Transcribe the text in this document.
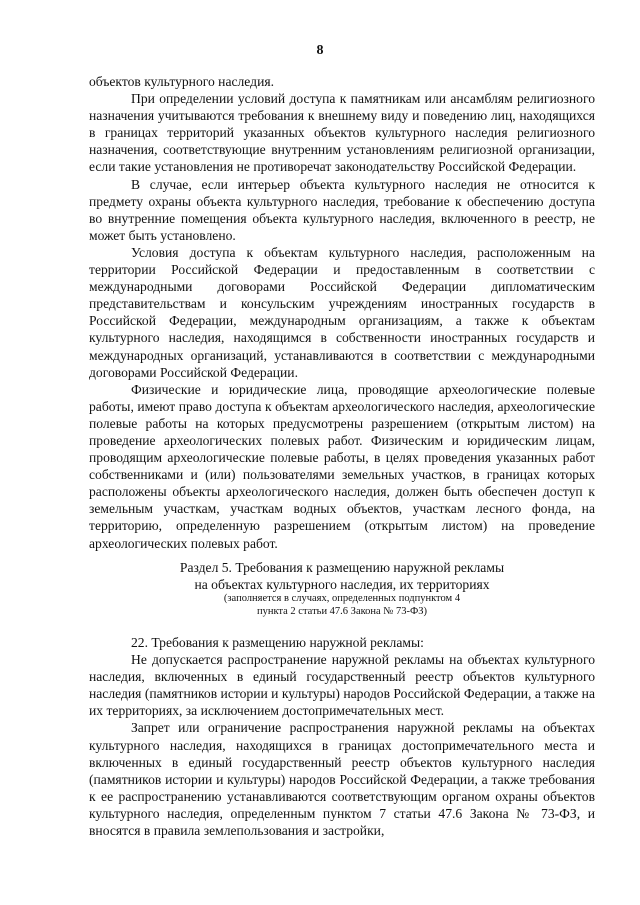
8

объектов культурного наследия.

При определении условий доступа к памятникам или ансамблям религиозного назначения учитываются требования к внешнему виду и поведению лиц, находящихся в границах территорий указанных объектов культурного наследия религиозного назначения, соответствующие внутренним установлениям религиозной организации, если такие установления не противоречат законодательству Российской Федерации.

В случае, если интерьер объекта культурного наследия не относится к предмету охраны объекта культурного наследия, требование к обеспечению доступа во внутренние помещения объекта культурного наследия, включенного в реестр, не может быть установлено.

Условия доступа к объектам культурного наследия, расположенным на территории Российской Федерации и предоставленным в соответствии с международными договорами Российской Федерации дипломатическим представительствам и консульским учреждениям иностранных государств в Российской Федерации, международным организациям, а также к объектам культурного наследия, находящимся в собственности иностранных государств и международных организаций, устанавливаются в соответствии с международными договорами Российской Федерации.

Физические и юридические лица, проводящие археологические полевые работы, имеют право доступа к объектам археологического наследия, археологические полевые работы на которых предусмотрены разрешением (открытым листом) на проведение археологических полевых работ. Физическим и юридическим лицам, проводящим археологические полевые работы, в целях проведения указанных работ собственниками и (или) пользователями земельных участков, в границах которых расположены объекты археологического наследия, должен быть обеспечен доступ к земельным участкам, участкам водных объектов, участкам лесного фонда, на территорию, определенную разрешением (открытым листом) на проведение археологических полевых работ.

Раздел 5. Требования к размещению наружной рекламы
на объектах культурного наследия, их территориях
(заполняется в случаях, определенных подпунктом 4
пункта 2 статьи 47.6 Закона № 73-ФЗ)

22. Требования к размещению наружной рекламы:

Не допускается распространение наружной рекламы на объектах культурного наследия, включенных в единый государственный реестр объектов культурного наследия (памятников истории и культуры) народов Российской Федерации, а также на их территориях, за исключением достопримечательных мест.

Запрет или ограничение распространения наружной рекламы на объектах культурного наследия, находящихся в границах достопримечательного места и включенных в единый государственный реестр объектов культурного наследия (памятников истории и культуры) народов Российской Федерации, а также требования к ее распространению устанавливаются соответствующим органом охраны объектов культурного наследия, определенным пунктом 7 статьи 47.6 Закона № 73-ФЗ, и вносятся в правила землепользования и застройки,
